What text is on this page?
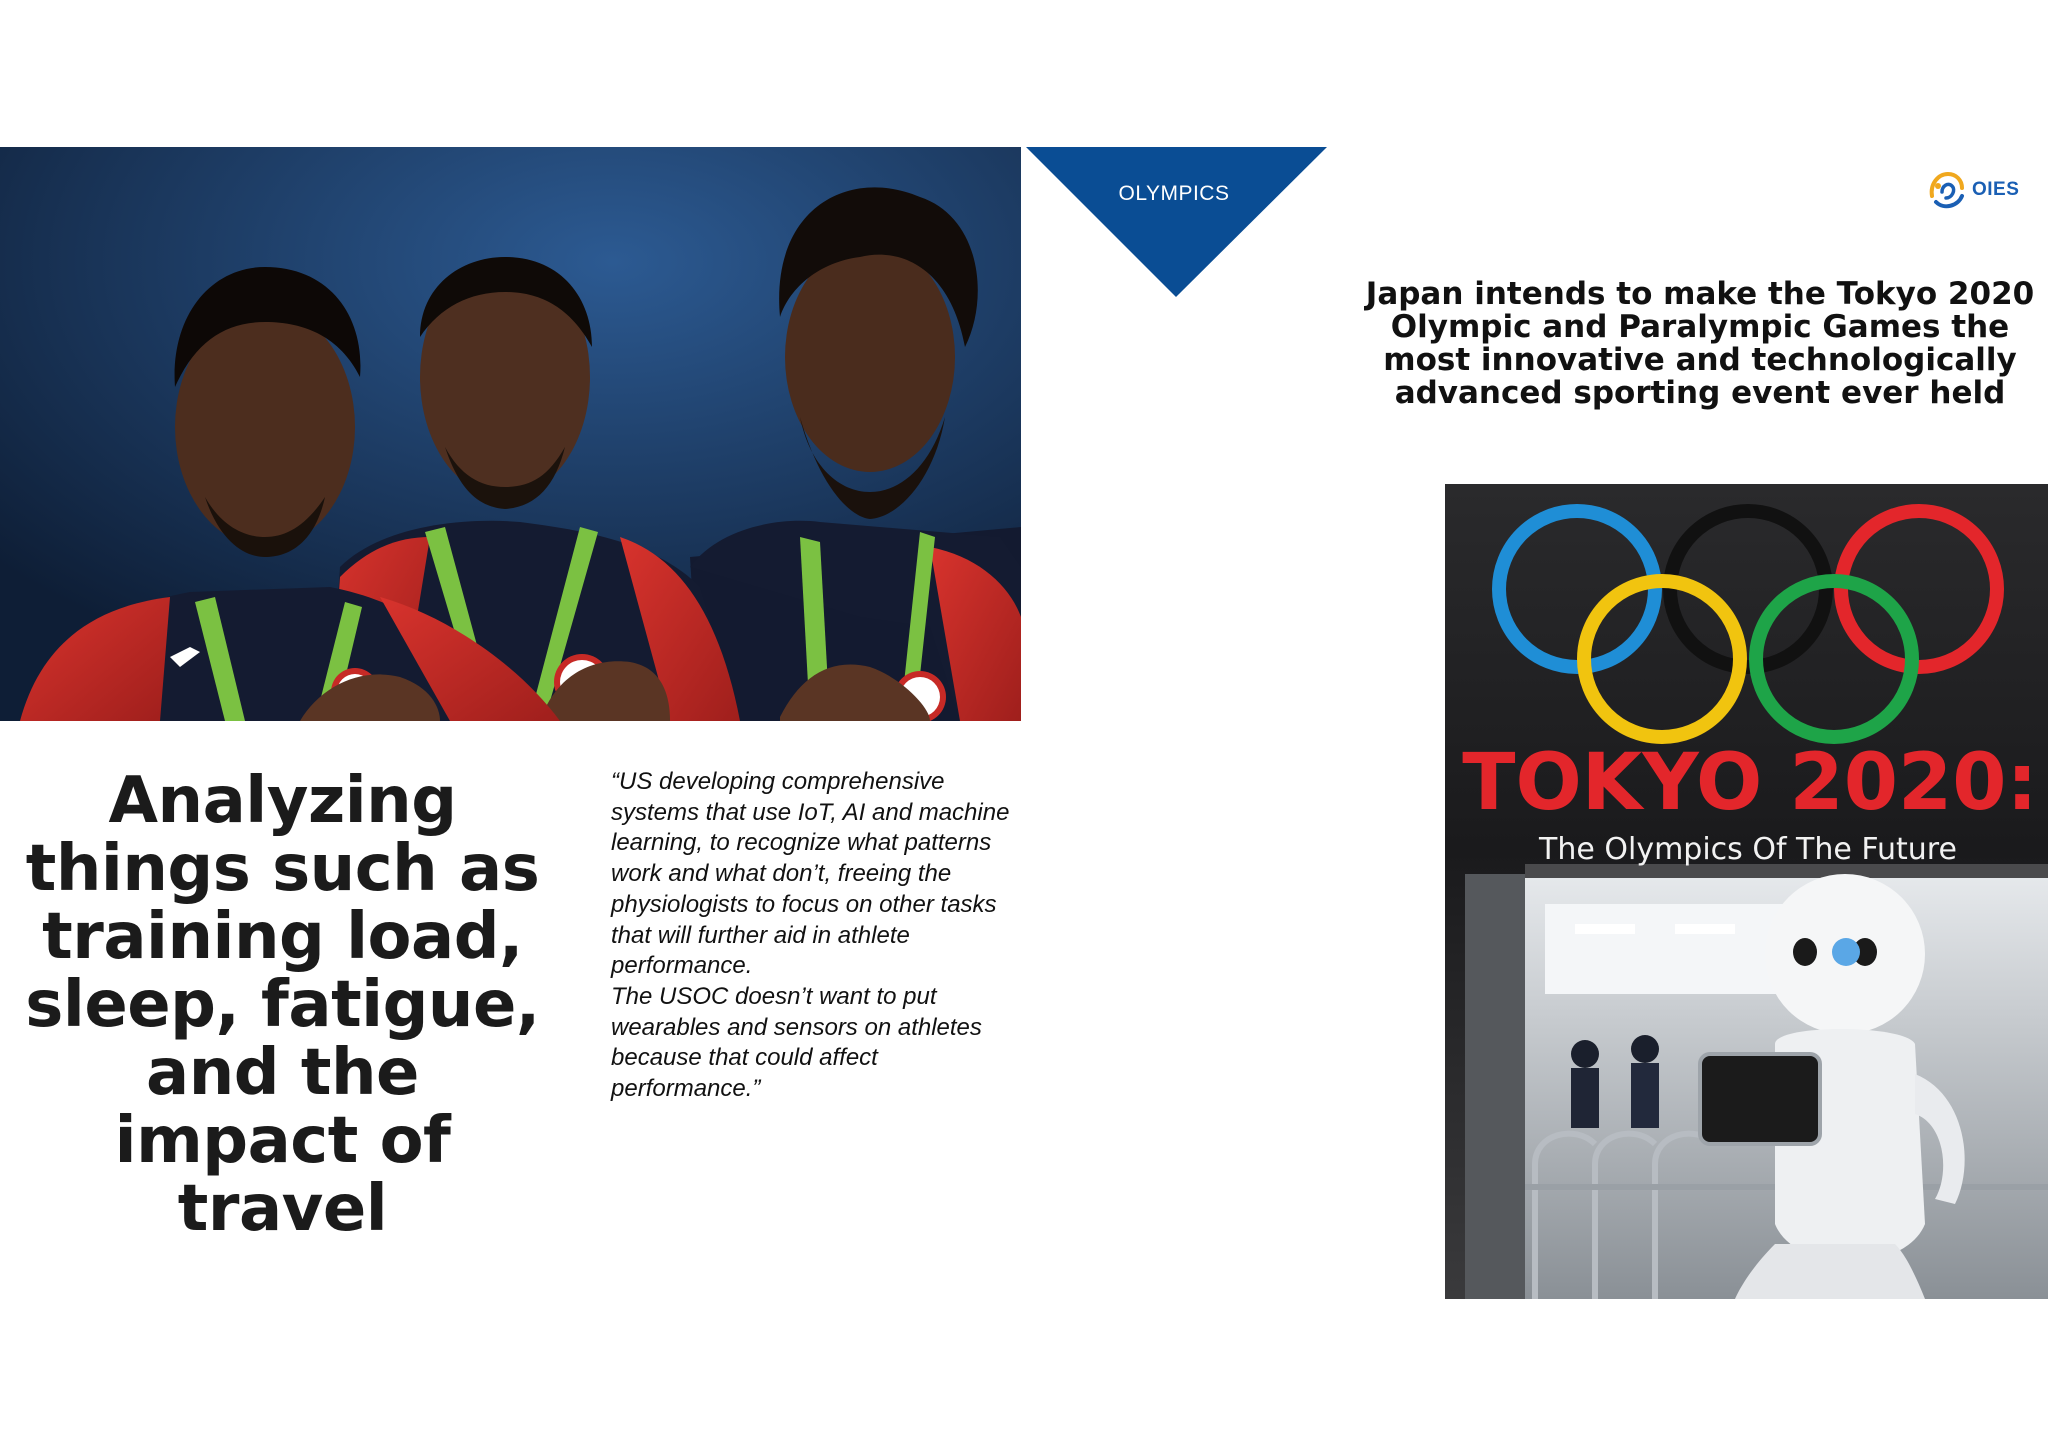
OLYMPICS	OIES
Japan intends to make the Tokyo 2020 Olympic and Paralympic Games the most innovative and technologically advanced sporting event ever held
TOKYO 2020:
The Olympics Of The Future
Analyzing things such as training load, sleep, fatigue, and the impact of travel

“US developing comprehensive systems that use IoT, AI and machine learning, to recognize what patterns work and what don’t, freeing the physiologists to focus on other tasks that will further aid in athlete performance.

The USOC doesn’t want to put wearables and sensors on athletes because that could affect performance.”
